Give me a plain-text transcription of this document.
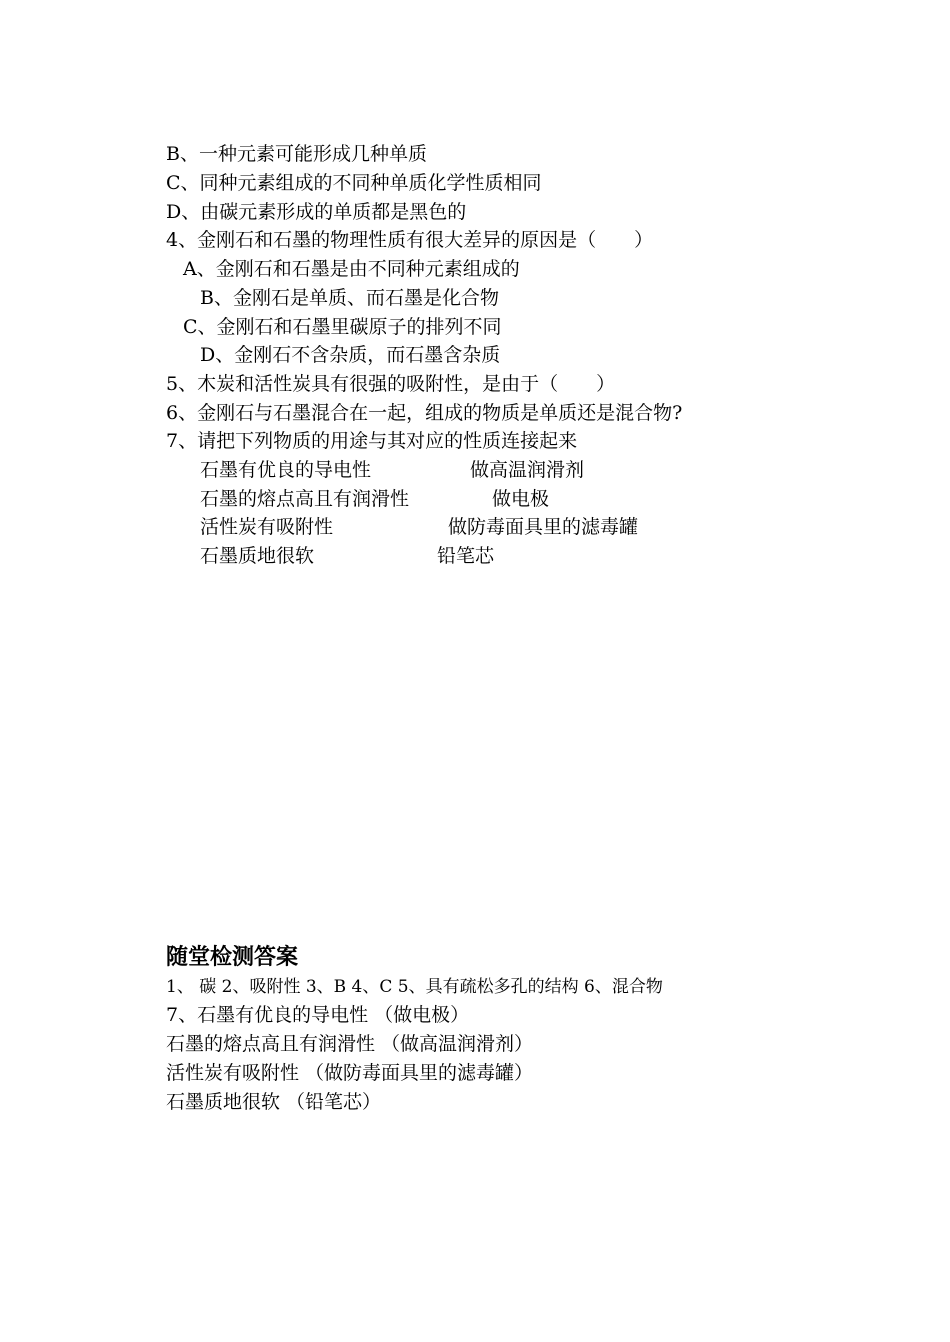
B、一种元素可能形成几种单质
C、同种元素组成的不同种单质化学性质相同
D、由碳元素形成的单质都是黑色的
4、金刚石和石墨的物理性质有很大差异的原因是（　　）
A、金刚石和石墨是由不同种元素组成的
B、金刚石是单质、而石墨是化合物
C、金刚石和石墨里碳原子的排列不同
D、金刚石不含杂质，而石墨含杂质
5、木炭和活性炭具有很强的吸附性，是由于（　　）
6、金刚石与石墨混合在一起，组成的物质是单质还是混合物?
7、请把下列物质的用途与其对应的性质连接起来
石墨有优良的导电性	做高温润滑剂
石墨的熔点高且有润滑性	做电极
活性炭有吸附性	做防毒面具里的滤毒罐
石墨质地很软	铅笔芯
随堂检测答案
1、 碳 2、吸附性 3、B 4、C 5、具有疏松多孔的结构 6、混合物
7、石墨有优良的导电性 （做电极）
石墨的熔点高且有润滑性 （做高温润滑剂）
活性炭有吸附性 （做防毒面具里的滤毒罐）
石墨质地很软 （铅笔芯）
